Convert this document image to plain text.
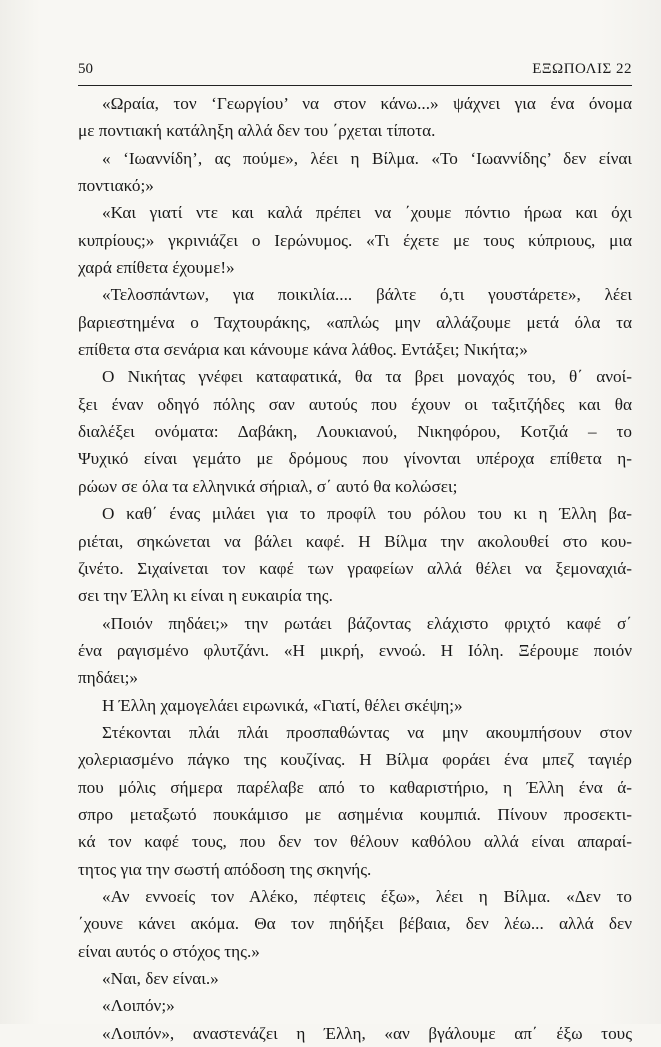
50	ΕΞΩΠΟΛΙΣ 22
«Ωραία, τον ‘Γεωργίου’ να στον κάνω...» ψάχνει για ένα όνομα
με ποντιακή κατάληξη αλλά δεν του ΄ρχεται τίποτα.
« ‘Ιωαννίδη’, ας πούμε», λέει η Βίλμα. «Το ‘Ιωαννίδης’ δεν είναι
ποντιακό;»
«Και γιατί ντε και καλά πρέπει να ΄χουμε πόντιο ήρωα και όχι
κυπρίους;» γκρινιάζει ο Ιερώνυμος. «Τι έχετε με τους κύπριους, μια
χαρά επίθετα έχουμε!»
«Τελοσπάντων, για ποικιλία.... βάλτε ό,τι γουστάρετε», λέει
βαριεστημένα ο Ταχτουράκης, «απλώς μην αλλάζουμε μετά όλα τα
επίθετα στα σενάρια και κάνουμε κάνα λάθος. Εντάξει; Νικήτα;»
Ο Νικήτας γνέφει καταφατικά, θα τα βρει μοναχός του, θ΄ ανοί-
ξει έναν οδηγό πόλης σαν αυτούς που έχουν οι ταξιτζήδες και θα
διαλέξει ονόματα: Δαβάκη, Λουκιανού, Νικηφόρου, Κοτζιά – το
Ψυχικό είναι γεμάτο με δρόμους που γίνονται υπέροχα επίθετα η-
ρώων σε όλα τα ελληνικά σήριαλ, σ΄ αυτό θα κολώσει;
Ο καθ΄ ένας μιλάει για το προφίλ του ρόλου του κι η Έλλη βα-
ριέται, σηκώνεται να βάλει καφέ. Η Βίλμα την ακολουθεί στο κου-
ζινέτο. Σιχαίνεται τον καφέ των γραφείων αλλά θέλει να ξεμοναχιά-
σει την Έλλη κι είναι η ευκαιρία της.
«Ποιόν πηδάει;» την ρωτάει βάζοντας ελάχιστο φριχτό καφέ σ΄
ένα ραγισμένο φλυτζάνι. «Η μικρή, εννοώ. Η Ιόλη. Ξέρουμε ποιόν
πηδάει;»
Η Έλλη χαμογελάει ειρωνικά, «Γιατί, θέλει σκέψη;»
Στέκονται πλάι πλάι προσπαθώντας να μην ακουμπήσουν στον
χολεριασμένο πάγκο της κουζίνας. Η Βίλμα φοράει ένα μπεζ ταγιέρ
που μόλις σήμερα παρέλαβε από το καθαριστήριο, η Έλλη ένα ά-
σπρο μεταξωτό πουκάμισο με ασημένια κουμπιά. Πίνουν προσεκτι-
κά τον καφέ τους, που δεν τον θέλουν καθόλου αλλά είναι απαραί-
τητος για την σωστή απόδοση της σκηνής.
«Αν εννοείς τον Αλέκο, πέφτεις έξω», λέει η Βίλμα. «Δεν το
΄χουνε κάνει ακόμα. Θα τον πηδήξει βέβαια, δεν λέω... αλλά δεν
είναι αυτός ο στόχος της.»
«Ναι, δεν είναι.»
«Λοιπόν;»
«Λοιπόν», αναστενάζει η Έλλη, «αν βγάλουμε απ΄ έξω τους
